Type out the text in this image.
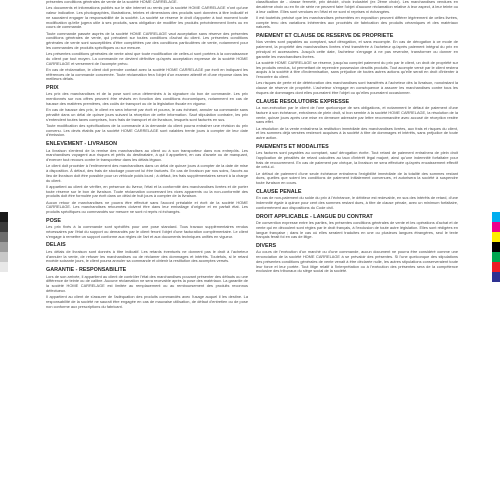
présentes conditions générales de vente de la société HOME CARRELAGE.

Les documents et informations publiés sur le site internet ou remis par la société HOME CARRELAGE n'ont qu'une valeur indicative. Les photographies, illustrations, teintes et dimensions des produits sont données à titre indicatif et ne sauraient engager la responsabilité de la société. La société se réserve le droit d'apporter à tout moment toute modification qu'elle jugera utile à ses produits, sans obligation de modifier les produits précédemment livrés ou en cours de commande.

Toute commande passée auprès de la société HOME CARRELAGE vaut acceptation sans réserve des présentes conditions générales de vente, qui prévalent sur toutes conditions d'achat du client. Les présentes conditions générales de vente sont susceptibles d'être complétées par des conditions particulières de vente, notamment pour les commandes de produits spécifiques ou sur mesure.

Les présentes conditions générales de vente ainsi que toute modification de celles-ci sont portées à la connaissance du client par tout moyen. La commande ne devient définitive qu'après acceptation expresse de la société HOME CARRELAGE et versement de l'acompte prévu.

En cas de réclamation, le client doit prendre contact avec la société HOME CARRELAGE par écrit en indiquant les références de la commande concernée. Toute réclamation fera l'objet d'un examen attentif et d'une réponse dans les meilleurs délais.

PRIX

Les prix des marchandises et de la pose sont ceux déterminés à la signature du bon de commande. Les prix mentionnés sur nos offres peuvent être révisés en fonction des conditions économiques, notamment en cas de hausse des matières premières, des coûts de transport ou de la législation fiscale en vigueur.

En cas de hausse des prix, le client en sera informé par écrit et pourra, le cas échéant, annuler sa commande sans pénalité dans un délai de quinze jours suivant la réception de cette information. Sauf stipulation contraire, les prix s'entendent toutes taxes comprises, hors frais de transport et de livraison, lesquels sont facturés en sus.

Toute modification des spécifications de la commande à la demande du client pourra entraîner une révision du prix convenu. Les devis établis par la société HOME CARRELAGE sont valables trente jours à compter de leur date d'émission.

ENLEVEMENT - LIVRAISON

La livraison s'entend de la remise des marchandises au client ou à son transporteur dans nos entrepôts. Les marchandises voyagent aux risques et périls du destinataire, à qui il appartient, en cas d'avarie ou de manquant, d'exercer tout recours contre le transporteur dans les délais légaux.

Le client doit procéder à l'enlèvement des marchandises dans un délai de quinze jours à compter de la date de mise à disposition. À défaut, des frais de stockage pourront lui être facturés. En cas de livraison par nos soins, l'accès au lieu de livraison doit être possible pour un véhicule poids lourd ; à défaut, les frais supplémentaires seront à la charge du client.

Il appartient au client de vérifier, en présence du livreur, l'état et la conformité des marchandises livrées et de porter toute réserve sur le bon de livraison. Toute réclamation concernant les vices apparents ou la non-conformité des produits doit être formulée par écrit dans un délai de huit jours à compter de la livraison.

Aucun retour de marchandises ne pourra être effectué sans l'accord préalable et écrit de la société HOME CARRELAGE. Les marchandises retournées doivent être dans leur emballage d'origine et en parfait état. Les produits spécifiques ou commandés sur mesure ne sont ni repris ni échangés.

POSE

Les prix fixés à la commande sont spécifiés pour une pose standard. Tous travaux supplémentaires rendus nécessaires par l'état du support ou demandés par le client feront l'objet d'une facturation complémentaire. Le client s'engage à remettre un support conforme aux règles de l'art et aux documents techniques unifiés en vigueur.

DELAIS

Les délais de livraison sont donnés à titre indicatif. Les retards éventuels ne donnent pas le droit à l'acheteur d'annuler la vente, de refuser les marchandises ou de réclamer des dommages et intérêts. Toutefois, si le retard excède soixante jours, le client pourra annuler sa commande et obtenir la restitution des acomptes versés.

GARANTIE - RESPONSABILITE

Lors de son arrivée, il appartient au client de contrôler l'état des marchandises pouvant présenter des défauts ou une différence de teinte ou de calibre. Aucune réclamation ne sera recevable après la pose des matériaux. La garantie de la société HOME CARRELAGE est limitée au remplacement ou au remboursement des produits reconnus défectueux.

Il appartient au client de s'assurer de l'adéquation des produits commandés avec l'usage auquel il les destine. La responsabilité de la société ne saurait être engagée en cas de mauvaise utilisation, de défaut d'entretien ou de pose non conforme aux prescriptions du fabricant.

classification de - classe fermeté, prix décidé, choix industriel (ex 2ème choix). Les marchandises vendues en deuxième choix ou en fin de série ne peuvent faire l'objet d'aucune réclamation relative à leur aspect, à leur teinte ou à leur calibre. Elles sont vendues en l'état et ne sont ni reprises ni échangées.

Il est toutefois précisé que les marchandises présentées en exposition peuvent différer légèrement de celles livrées, compte tenu des variations inhérentes aux procédés de fabrication des produits céramiques et des matériaux naturels.

PAIEMENT ET CLAUSE DE RESERVE DE PROPRIETE

Nos ventes sont payables au comptant, sauf dérogation, et sans escompte. En cas de dérogation à ce mode de paiement, la propriété des marchandises livrées n'est transférée à l'acheteur qu'après paiement intégral du prix en principal et accessoires. Jusqu'à cette date, l'acheteur s'engage à ne pas revendre, transformer ou donner en garantie les marchandises livrées.

La société HOME CARRELAGE se réserve, jusqu'au complet paiement du prix par le client, un droit de propriété sur les produits vendus, lui permettant de reprendre possession desdits produits. Tout acompte versé par le client restera acquis à la société à titre d'indemnisation, sans préjudice de toutes autres actions qu'elle serait en droit d'intenter à l'encontre du client.

Les risques de perte et de détérioration des marchandises sont transférés à l'acheteur dès la livraison, nonobstant la clause de réserve de propriété. L'acheteur s'engage en conséquence à assurer les marchandises contre tous les risques de dommages dont elles pourraient être l'objet ou qu'elles pourraient occasionner.

CLAUSE RESOLUTOIRE EXPRESSE

La non-exécution par le client de l'une quelconque de ses obligations, et notamment le défaut de paiement d'une facture à son échéance, entraînera de plein droit, si bon semble à la société HOME CARRELAGE, la résolution de la vente, quinze jours après une mise en demeure adressée par lettre recommandée avec accusé de réception restée sans effet.

La résolution de la vente entraînera la restitution immédiate des marchandises livrées, aux frais et risques du client, et les sommes déjà versées resteront acquises à la société à titre de dommages et intérêts, sans préjudice de toute autre action.

PAIEMENTS ET MODALITES

Les factures sont payables au comptant, sauf dérogation écrite. Tout retard de paiement entraînera de plein droit l'application de pénalités de retard calculées au taux d'intérêt légal majoré, ainsi qu'une indemnité forfaitaire pour frais de recouvrement. En cas de paiement par chèque, la livraison ne sera effectuée qu'après encaissement effectif de celui-ci.

Le défaut de paiement d'une seule échéance entraînera l'exigibilité immédiate de la totalité des sommes restant dues, quelles que soient les conditions de paiement initialement convenues, et autorisera la société à suspendre toute livraison en cours.

CLAUSE PENALE

En cas de non-paiement du solde du prix à l'échéance, le débiteur est redevable, en sus des intérêts de retard, d'une indemnité égale à quinze pour cent des sommes restant dues, à titre de clause pénale, avec un minimum forfaitaire, conformément aux dispositions du Code civil.

DROIT APPLICABLE - LANGUE DU CONTRAT

De convention expresse entre les parties, les présentes conditions générales de vente et les opérations d'achat et de vente qui en découlent sont régies par le droit français, à l'exclusion de toute autre législation. Elles sont rédigées en langue française ; dans le cas où elles seraient traduites en une ou plusieurs langues étrangères, seul le texte français ferait foi en cas de litige.

DIVERS

Au cours de l'exécution d'un marché ou d'une commande, aucun document ne pourra être considéré comme une renonciation de la société HOME CARRELAGE à se prévaloir des présentes. Si l'une quelconque des stipulations des présentes conditions générales de vente venait à être déclarée nulle, les autres stipulations conserveraient toute leur force et leur portée. Tout litige relatif à l'interprétation ou à l'exécution des présentes sera de la compétence exclusive des tribunaux du siège social de la société.
